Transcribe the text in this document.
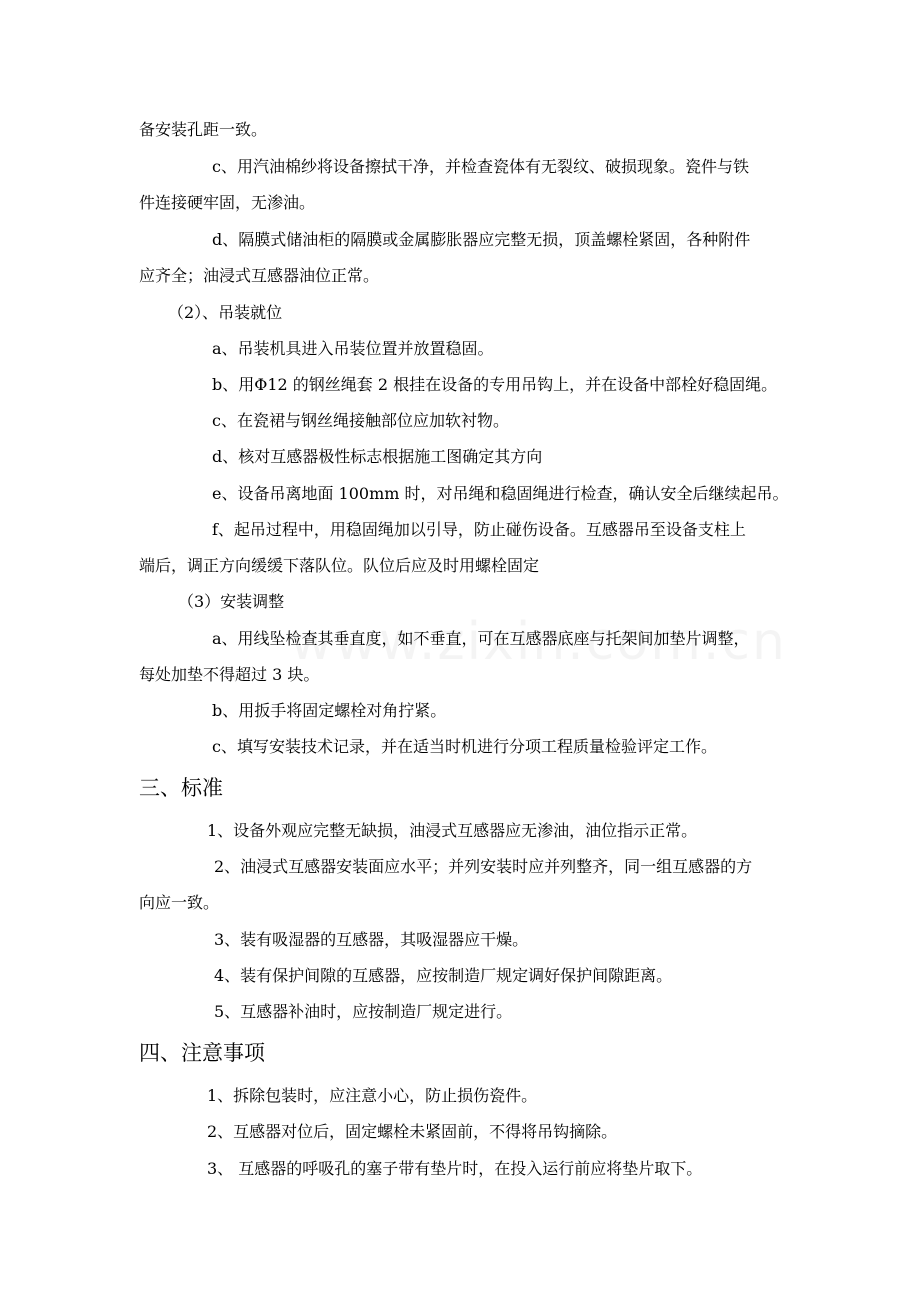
备安装孔距一致。
c、用汽油棉纱将设备擦拭干净，并检查瓷体有无裂纹、破损现象。瓷件与铁
件连接硬牢固，无渗油。
d、隔膜式储油柜的隔膜或金属膨胀器应完整无损，顶盖螺栓紧固，各种附件
应齐全；油浸式互感器油位正常。
（2）、吊装就位
a、吊装机具进入吊装位置并放置稳固。
b、用Φ12 的钢丝绳套 2 根挂在设备的专用吊钩上，并在设备中部栓好稳固绳。
c、在瓷裙与钢丝绳接触部位应加软衬物。
d、核对互感器极性标志根据施工图确定其方向
e、设备吊离地面 100mm 时，对吊绳和稳固绳进行检查，确认安全后继续起吊。
f、起吊过程中，用稳固绳加以引导，防止碰伤设备。互感器吊至设备支柱上
端后，调正方向缓缓下落队位。队位后应及时用螺栓固定
（3）安装调整
a、用线坠检查其垂直度，如不垂直，可在互感器底座与托架间加垫片调整，
每处加垫不得超过 3 块。
b、用扳手将固定螺栓对角拧紧。
c、填写安装技术记录，并在适当时机进行分项工程质量检验评定工作。
三、标准
1、设备外观应完整无缺损，油浸式互感器应无渗油，油位指示正常。
2、油浸式互感器安装面应水平；并列安装时应并列整齐，同一组互感器的方
向应一致。
3、装有吸湿器的互感器，其吸湿器应干燥。
4、装有保护间隙的互感器，应按制造厂规定调好保护间隙距离。
5、互感器补油时，应按制造厂规定进行。
四、注意事项
1、拆除包装时，应注意小心，防止损伤瓷件。
2、互感器对位后，固定螺栓未紧固前，不得将吊钩摘除。
3、 互感器的呼吸孔的塞子带有垫片时，在投入运行前应将垫片取下。
